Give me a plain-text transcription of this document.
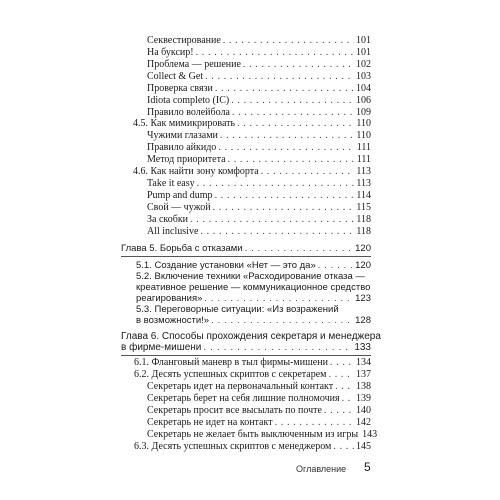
Секвестирование . . .	101
На буксир! . . .	101
Проблема — решение . . .	102
Collect & Get . . .	103
Проверка связи . . .	104
Idiota completo (IC) . . .	106
Правило волейбола . . .	109
4.5. Как мимикрировать . . .	110
Чужими глазами . . .	110
Правило айкидо . . .	111
Метод приоритета . . .	111
4.6. Как найти зону комфорта . . .	113
Take it easy . . .	113
Pump and dump . . .	114
Свой — чужой . . .	115
За скобки . . .	118
All inclusive . . .	118
Глава 5. Борьба с отказами . . .	120
5.1. Создание установки «Нет — это да» . . .	120
5.2. Включение техники «Расходирование отказа —
креативное решение — коммуникационное средство
реагирования» . . .	123
5.3. Переговорные ситуации: «Из возражений
в возможности!» . . .	128
Глава 6. Способы прохождения секретаря и менеджера
в фирме-мишени . . .	133
6.1. Фланговый маневр в тыл фирмы-мишени . . .	134
6.2. Десять успешных скриптов с секретарем . . .	137
Секретарь идет на первоначальный контакт . . . 138
Секретарь берет на себя лишние полномочия . . . 139
Секретарь просит все высылать по почте . . .	140
Секретарь не идет на контакт . . .	142
Секретарь не желает быть выключенным из игры 143
6.3. Десять успешных скриптов с менеджером . . . 145
Оглавление 5
